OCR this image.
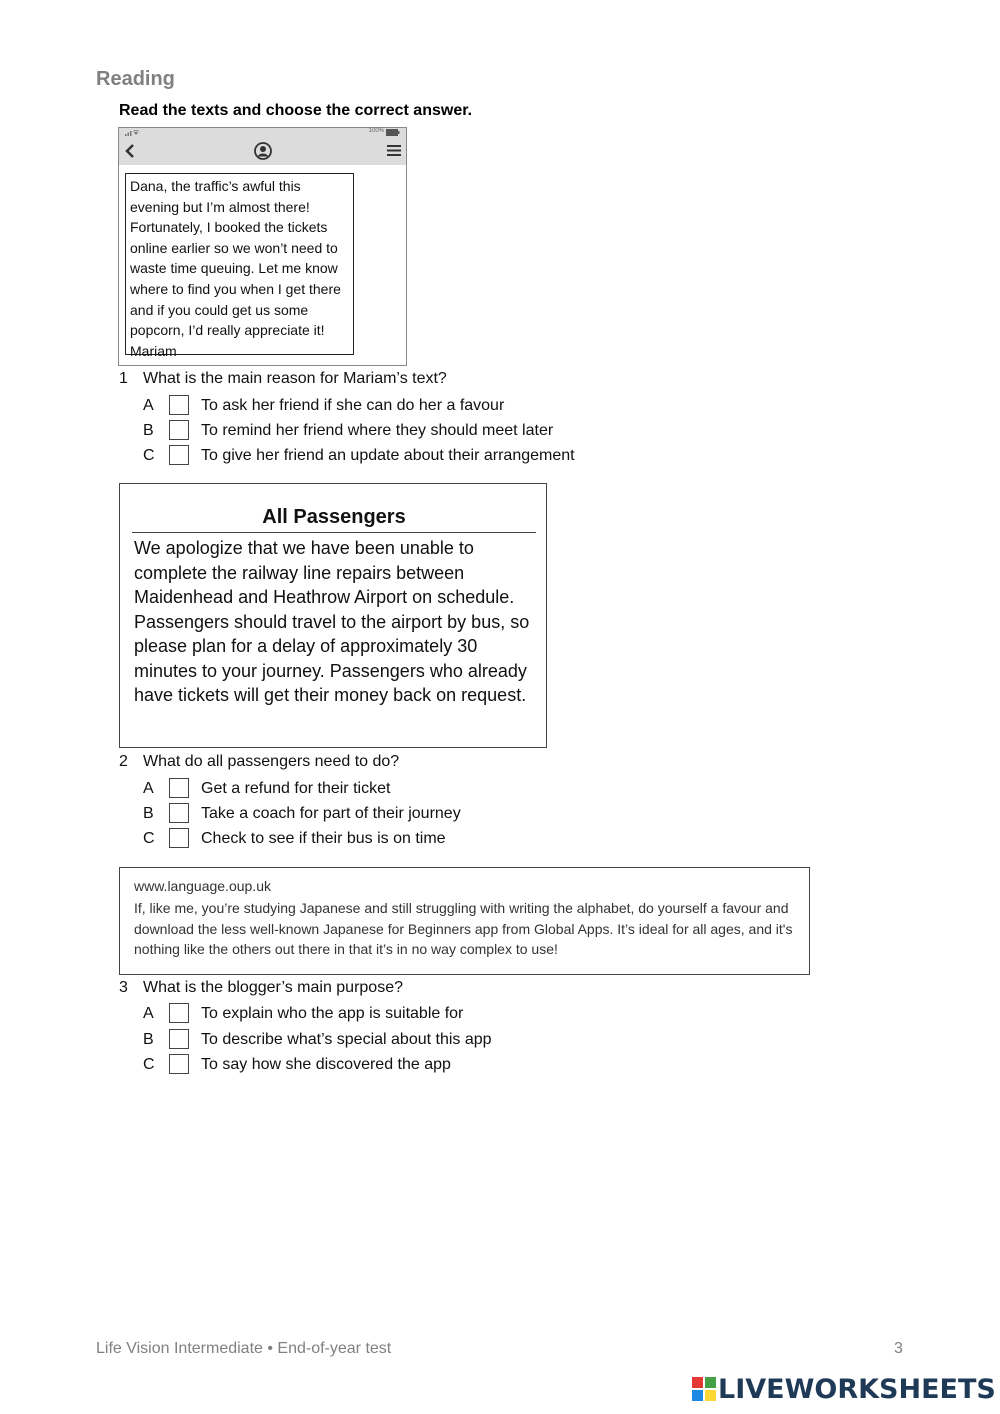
Reading
Read the texts and choose the correct answer.
100%
Dana, the traffic’s awful this evening but I’m almost there! Fortunately, I booked the tickets online earlier so we won’t need to waste time queuing. Let me know where to find you when I get there and if you could get us some popcorn, I’d really appreciate it! Mariam
1 What is the main reason for Mariam’s text?
A	To ask her friend if she can do her a favour
B	To remind her friend where they should meet later
C	To give her friend an update about their arrangement
All Passengers
We apologize that we have been unable to complete the railway line repairs between Maidenhead and Heathrow Airport on schedule. Passengers should travel to the airport by bus, so please plan for a delay of approximately 30 minutes to your journey. Passengers who already have tickets will get their money back on request.
2 What do all passengers need to do?
A	Get a refund for their ticket
B	Take a coach for part of their journey
C	Check to see if their bus is on time
www.language.oup.uk
If, like me, you’re studying Japanese and still struggling with writing the alphabet, do yourself a favour and download the less well-known Japanese for Beginners app from Global Apps. It’s ideal for all ages, and it's nothing like the others out there in that it’s in no way complex to use!
3 What is the blogger’s main purpose?
A	To explain who the app is suitable for
B	To describe what’s special about this app
C	To say how she discovered the app
Life Vision Intermediate • End-of-year test	3
LIVEWORKSHEETS
